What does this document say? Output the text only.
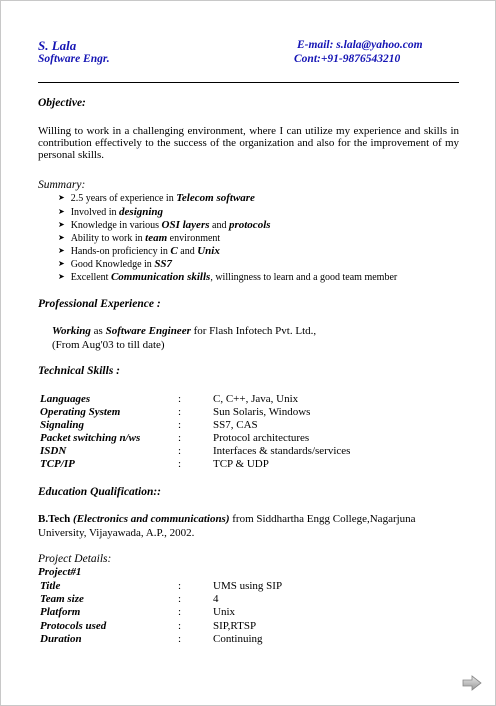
S. Lala
Software Engr.
E-mail: s.lala@yahoo.com
Cont:+91-9876543210
Objective:
Willing to work in a challenging environment, where I can utilize my experience and skills in contribution effectively to the success of the organization and also for the improvement of my personal skills.
Summary:
➤ 2.5 years of experience in Telecom software
➤ Involved in designing
➤ Knowledge in various OSI layers and protocols
➤ Ability to work in team environment
➤ Hands-on proficiency in C and Unix
➤ Good Knowledge in SS7
➤ Excellent Communication skills, willingness to learn and a good team member
Professional Experience :
Working as Software Engineer for Flash Infotech Pvt. Ltd.,
(From Aug'03 to till date)
Technical Skills :
Languages	:	C, C++, Java, Unix
Operating System	:	Sun Solaris, Windows
Signaling	:	SS7, CAS
Packet switching n/ws	:	Protocol architectures
ISDN	:	Interfaces & standards/services
TCP/IP	:	TCP & UDP
Education Qualification::
B.Tech (Electronics and communications) from Siddhartha Engg College,Nagarjuna
University, Vijayawada, A.P., 2002.
Project Details:
Project#1
Title	:	UMS using SIP
Team size	:	4
Platform	:	Unix
Protocols used	:	SIP,RTSP
Duration	:	Continuing
